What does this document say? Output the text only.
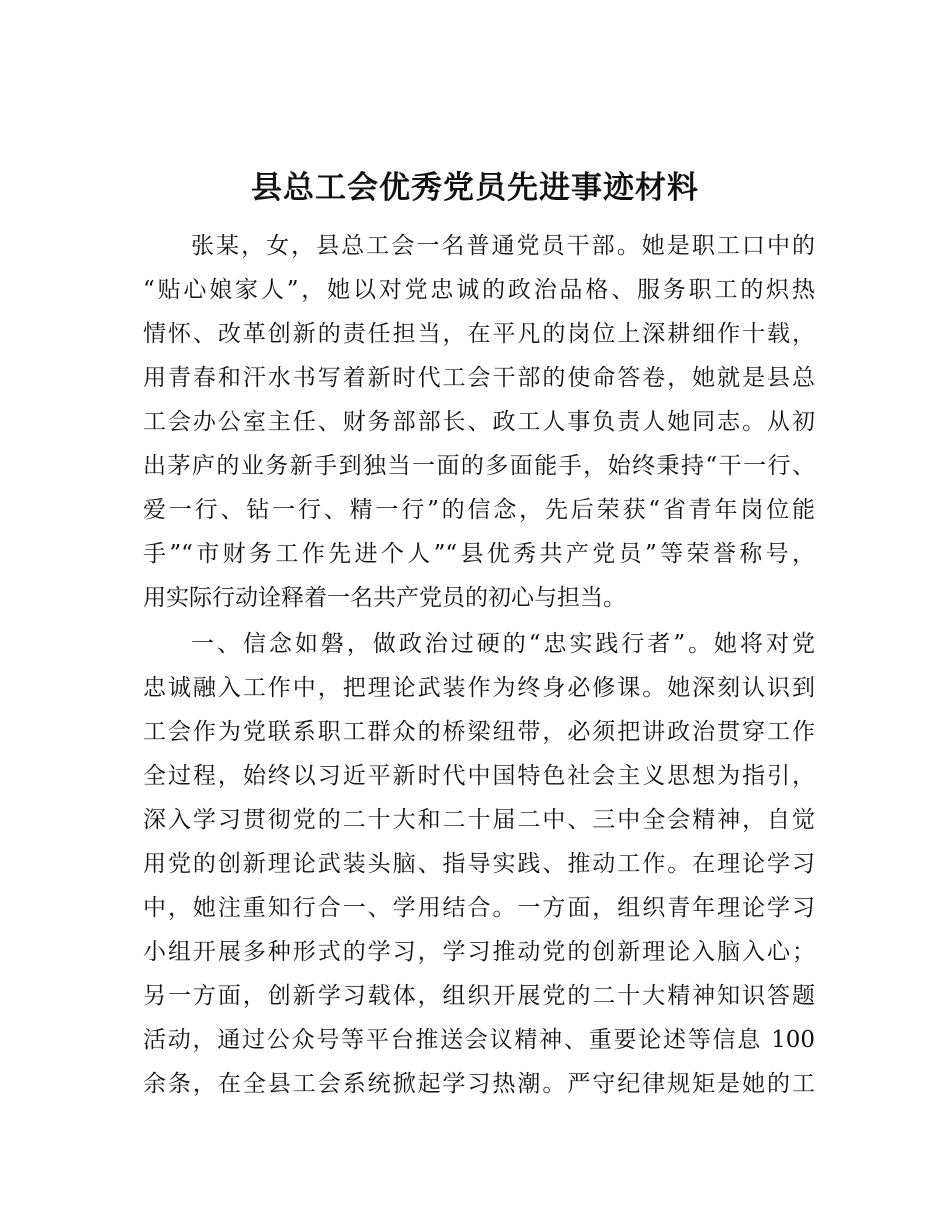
县总工会优秀党员先进事迹材料
张某，女，县总工会一名普通党员干部。她是职工口中的
“贴心娘家人”，她以对党忠诚的政治品格、服务职工的炽热
情怀、改革创新的责任担当，在平凡的岗位上深耕细作十载，
用青春和汗水书写着新时代工会干部的使命答卷，她就是县总
工会办公室主任、财务部部长、政工人事负责人她同志。从初
出茅庐的业务新手到独当一面的多面能手，始终秉持“干一行、
爱一行、钻一行、精一行”的信念，先后荣获“省青年岗位能
手”“市财务工作先进个人”“县优秀共产党员”等荣誉称号，
用实际行动诠释着一名共产党员的初心与担当。
一、信念如磐，做政治过硬的“忠实践行者”。她将对党
忠诚融入工作中，把理论武装作为终身必修课。她深刻认识到
工会作为党联系职工群众的桥梁纽带，必须把讲政治贯穿工作
全过程，始终以习近平新时代中国特色社会主义思想为指引，
深入学习贯彻党的二十大和二十届二中、三中全会精神，自觉
用党的创新理论武装头脑、指导实践、推动工作。在理论学习
中，她注重知行合一、学用结合。一方面，组织青年理论学习
小组开展多种形式的学习，学习推动党的创新理论入脑入心；
另一方面，创新学习载体，组织开展党的二十大精神知识答题
活动，通过公众号等平台推送会议精神、重要论述等信息 100
余条，在全县工会系统掀起学习热潮。严守纪律规矩是她的工
